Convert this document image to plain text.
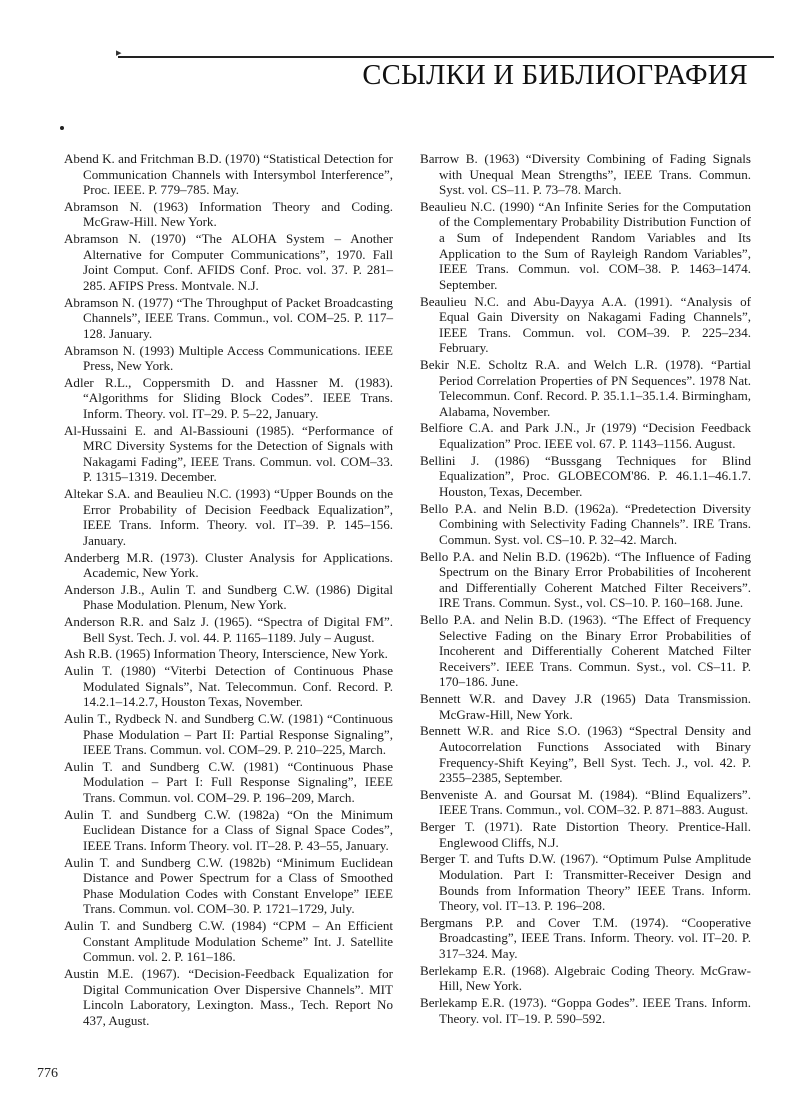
▸
ССЫЛКИ И БИБЛИОГРАФИЯ

Abend K. and Fritchman B.D. (1970) “Statistical Detection for Communication Channels with Intersymbol Interference”, Proc. IEEE. P. 779–785. May.

Abramson N. (1963) Information Theory and Coding. McGraw-Hill. New York.

Abramson N. (1970) “The ALOHA System – Another Alternative for Computer Communications”, 1970. Fall Joint Comput. Conf. AFIDS Conf. Proc. vol. 37. P. 281–285. AFIPS Press. Montvale. N.J.

Abramson N. (1977) “The Throughput of Packet Broadcasting Channels”, IEEE Trans. Commun., vol. COM–25. P. 117–128. January.

Abramson N. (1993) Multiple Access Communications. IEEE Press, New York.

Adler R.L., Coppersmith D. and Hassner M. (1983). “Algorithms for Sliding Block Codes”. IEEE Trans. Inform. Theory. vol. IT–29. P. 5–22, January.

Al-Hussaini E. and Al-Bassiouni (1985). “Performance of MRC Diversity Systems for the Detection of Signals with Nakagami Fading”, IEEE Trans. Commun. vol. COM–33. P. 1315–1319. December.

Altekar S.A. and Beaulieu N.C. (1993) “Upper Bounds on the Error Probability of Decision Feedback Equalization”, IEEE Trans. Inform. Theory. vol. IT–39. P. 145–156. January.

Anderberg M.R. (1973). Cluster Analysis for Applications. Academic, New York.

Anderson J.B., Aulin T. and Sundberg C.W. (1986) Digital Phase Modulation. Plenum, New York.

Anderson R.R. and Salz J. (1965). “Spectra of Digital FM”. Bell Syst. Tech. J. vol. 44. P. 1165–1189. July – August.

Ash R.B. (1965) Information Theory, Interscience, New York.

Aulin T. (1980) “Viterbi Detection of Continuous Phase Modulated Signals”, Nat. Telecommun. Conf. Record. P. 14.2.1–14.2.7, Houston Texas, November.

Aulin T., Rydbeck N. and Sundberg C.W. (1981) “Continuous Phase Modulation – Part II: Partial Response Signaling”, IEEE Trans. Commun. vol. COM–29. P. 210–225, March.

Aulin T. and Sundberg C.W. (1981) “Continuous Phase Modulation – Part I: Full Response Signaling”, IEEE Trans. Commun. vol. COM–29. P. 196–209, March.

Aulin T. and Sundberg C.W. (1982a) “On the Minimum Euclidean Distance for a Class of Signal Space Codes”, IEEE Trans. Inform Theory. vol. IT–28. P. 43–55, January.

Aulin T. and Sundberg C.W. (1982b) “Minimum Euclidean Distance and Power Spectrum for a Class of Smoothed Phase Modulation Codes with Constant Envelope” IEEE Trans. Commun. vol. COM–30. P. 1721–1729, July.

Aulin T. and Sundberg C.W. (1984) “CPM – An Efficient Constant Amplitude Modulation Scheme” Int. J. Satellite Commun. vol. 2. P. 161–186.

Austin M.E. (1967). “Decision-Feedback Equalization for Digital Communication Over Dispersive Channels”. MIT Lincoln Laboratory, Lexington. Mass., Tech. Report No 437, August.

Barrow B. (1963) “Diversity Combining of Fading Signals with Unequal Mean Strengths”, IEEE Trans. Commun. Syst. vol. CS–11. P. 73–78. March.

Beaulieu N.C. (1990) “An Infinite Series for the Computation of the Complementary Probability Distribution Function of a Sum of Independent Random Variables and Its Application to the Sum of Rayleigh Random Variables”, IEEE Trans. Commun. vol. COM–38. P. 1463–1474. September.

Beaulieu N.C. and Abu-Dayya A.A. (1991). “Analysis of Equal Gain Diversity on Nakagami Fading Channels”, IEEE Trans. Commun. vol. COM–39. P. 225–234. February.

Bekir N.E. Scholtz R.A. and Welch L.R. (1978). “Partial Period Correlation Properties of PN Sequences”. 1978 Nat. Telecommun. Conf. Record. P. 35.1.1–35.1.4. Birmingham, Alabama, November.

Belfiore C.A. and Park J.N., Jr (1979) “Decision Feedback Equalization” Proc. IEEE vol. 67. P. 1143–1156. August.

Bellini J. (1986) “Bussgang Techniques for Blind Equalization”, Proc. GLOBECOM'86. P. 46.1.1–46.1.7. Houston, Texas, December.

Bello P.A. and Nelin B.D. (1962a). “Predetection Diversity Combining with Selectivity Fading Channels”. IRE Trans. Commun. Syst. vol. CS–10. P. 32–42. March.

Bello P.A. and Nelin B.D. (1962b). “The Influence of Fading Spectrum on the Binary Error Probabilities of Incoherent and Differentially Coherent Matched Filter Receivers”. IRE Trans. Commun. Syst., vol. CS–10. P. 160–168. June.

Bello P.A. and Nelin B.D. (1963). “The Effect of Frequency Selective Fading on the Binary Error Probabilities of Incoherent and Differentially Coherent Matched Filter Receivers”. IEEE Trans. Commun. Syst., vol. CS–11. P. 170–186. June.

Bennett W.R. and Davey J.R (1965) Data Transmission. McGraw-Hill, New York.

Bennett W.R. and Rice S.O. (1963) “Spectral Density and Autocorrelation Functions Associated with Binary Frequency-Shift Keying”, Bell Syst. Tech. J., vol. 42. P. 2355–2385, September.

Benveniste A. and Goursat M. (1984). “Blind Equalizers”. IEEE Trans. Commun., vol. COM–32. P. 871–883. August.

Berger T. (1971). Rate Distortion Theory. Prentice-Hall. Englewood Cliffs, N.J.

Berger T. and Tufts D.W. (1967). “Optimum Pulse Amplitude Modulation. Part I: Transmitter-Receiver Design and Bounds from Information Theory” IEEE Trans. Inform. Theory, vol. IT–13. P. 196–208.

Bergmans P.P. and Cover T.M. (1974). “Cooperative Broadcasting”, IEEE Trans. Inform. Theory. vol. IT–20. P. 317–324. May.

Berlekamp E.R. (1968). Algebraic Coding Theory. McGraw-Hill, New York.

Berlekamp E.R. (1973). “Goppa Godes”. IEEE Trans. Inform. Theory. vol. IT–19. P. 590–592.

776
